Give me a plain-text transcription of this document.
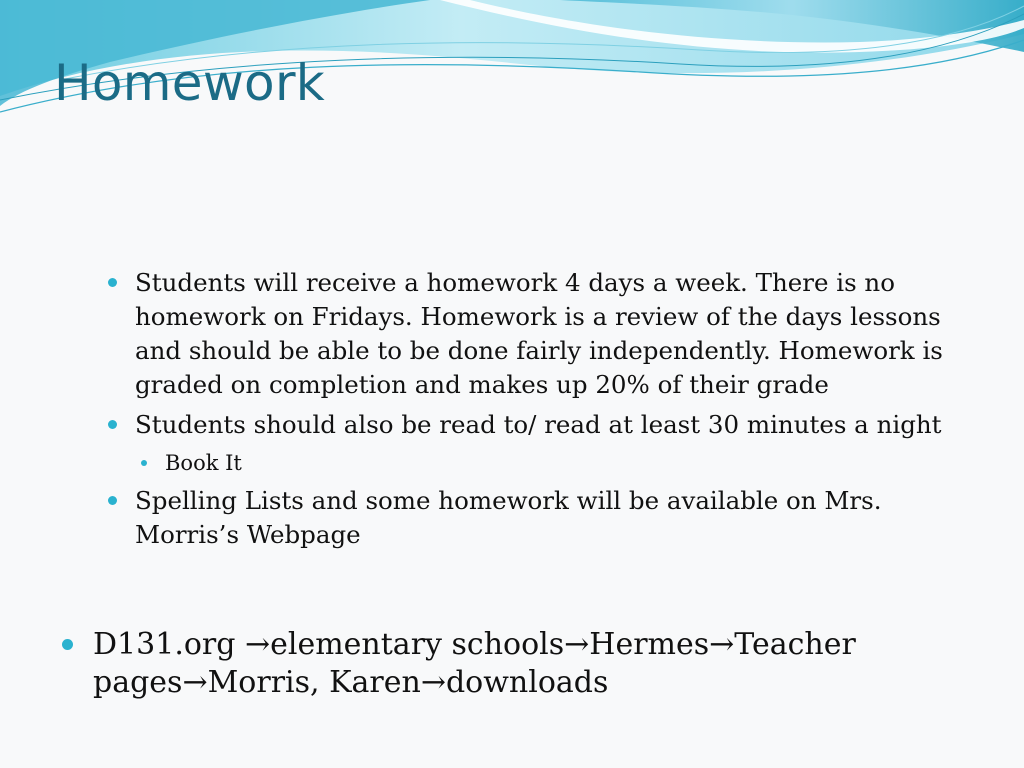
Homework
Students will receive a homework 4 days a week. There is no homework on Fridays. Homework is a review of the days lessons and should be able to be done fairly independently. Homework is graded on completion and makes up 20% of their grade
Students should also be read to/ read at least 30 minutes a night
Book It
Spelling Lists and some homework will be available on Mrs. Morris’s Webpage
D131.org →elementary schools→Hermes→Teacher pages→Morris, Karen→downloads
